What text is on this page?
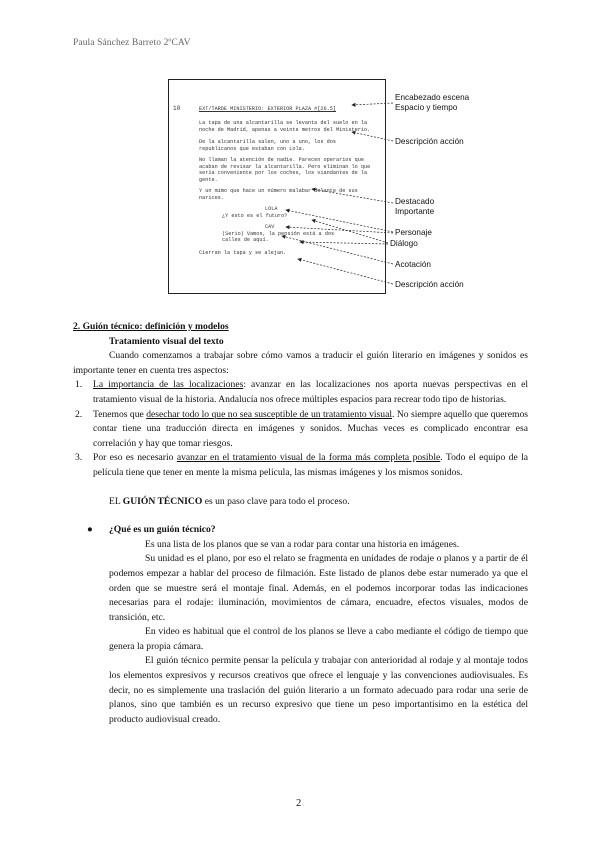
Paula Sánchez Barreto 2ºCAV
10	EXT/TARDE MINISTERIO: EXTERIOR PLAZA #[26.5]
La tapa de una alcantarilla se levanta del suelo en la
noche de Madrid, apenas a veinte metros del Ministerio.
De la alcantarilla salen, uno a uno, los dos
republicanos que estaban con Lola.
No llaman la atención de nadie. Parecen operarios que
acaban de revisar la alcantarilla. Pero eliminan lo que
sería conveniente por los coches, los viandantes de la
gente.
Y un mimo que hace un número malabar delante de sus
narices.
LOLA
¿Y esto es el futuro?
CAV
(Serio) Vamos, la pensión está a dos
calles de aquí.
Cierran la tapa y se alejan.
Encabezado escena
Espacio y tiempo
Descripción acción
Destacado
Importante
Personaje
Diálogo
Acotación
Descripción acción

2. Guión técnico: definición y modelos

Tratamiento visual del texto

Cuando comenzamos a trabajar sobre cómo vamos a traducir el guión literario en imágenes y sonidos es importante tener en cuenta tres aspectos:

1. La importancia de las localizaciones: avanzar en las localizaciones nos aporta nuevas perspectivas en el tratamiento visual de la historia. Andalucía nos ofrece múltiples espacios para recrear todo tipo de historias.
2. Tenemos que desechar todo lo que no sea susceptible de un tratamiento visual. No siempre aquello que queremos contar tiene una traducción directa en imágenes y sonidos. Muchas veces es complicado encontrar esa correlación y hay que tomar riesgos.
3. Por eso es necesario avanzar en el tratamiento visual de la forma más completa posible. Todo el equipo de la película tiene que tener en mente la misma película, las mismas imágenes y los mismos sonidos.

EL GUIÓN TÉCNICO es un paso clave para todo el proceso.

● ¿Qué es un guión técnico?

Es una lista de los planos que se van a rodar para contar una historia en imágenes.

Su unidad es el plano, por eso el relato se fragmenta en unidades de rodaje o planos y a partir de él podemos empezar a hablar del proceso de filmación. Este listado de planos debe estar numerado ya que el orden que se muestre será el montaje final. Además, en el podemos incorporar todas las indicaciones necesarias para el rodaje: iluminación, movimientos de cámara, encuadre, efectos visuales, modos de transición, etc.

En video es habitual que el control de los planos se lleve a cabo mediante el código de tiempo que genera la propia cámara.

El guión técnico permite pensar la película y trabajar con anterioridad al rodaje y al montaje todos los elementos expresivos y recursos creativos que ofrece el lenguaje y las convenciones audiovisuales. Es decir, no es simplemente una traslación del guión literario a un formato adecuado para rodar una serie de planos, sino que también es un recurso expresivo que tiene un peso importantísimo en la estética del producto audiovisual creado.

2
